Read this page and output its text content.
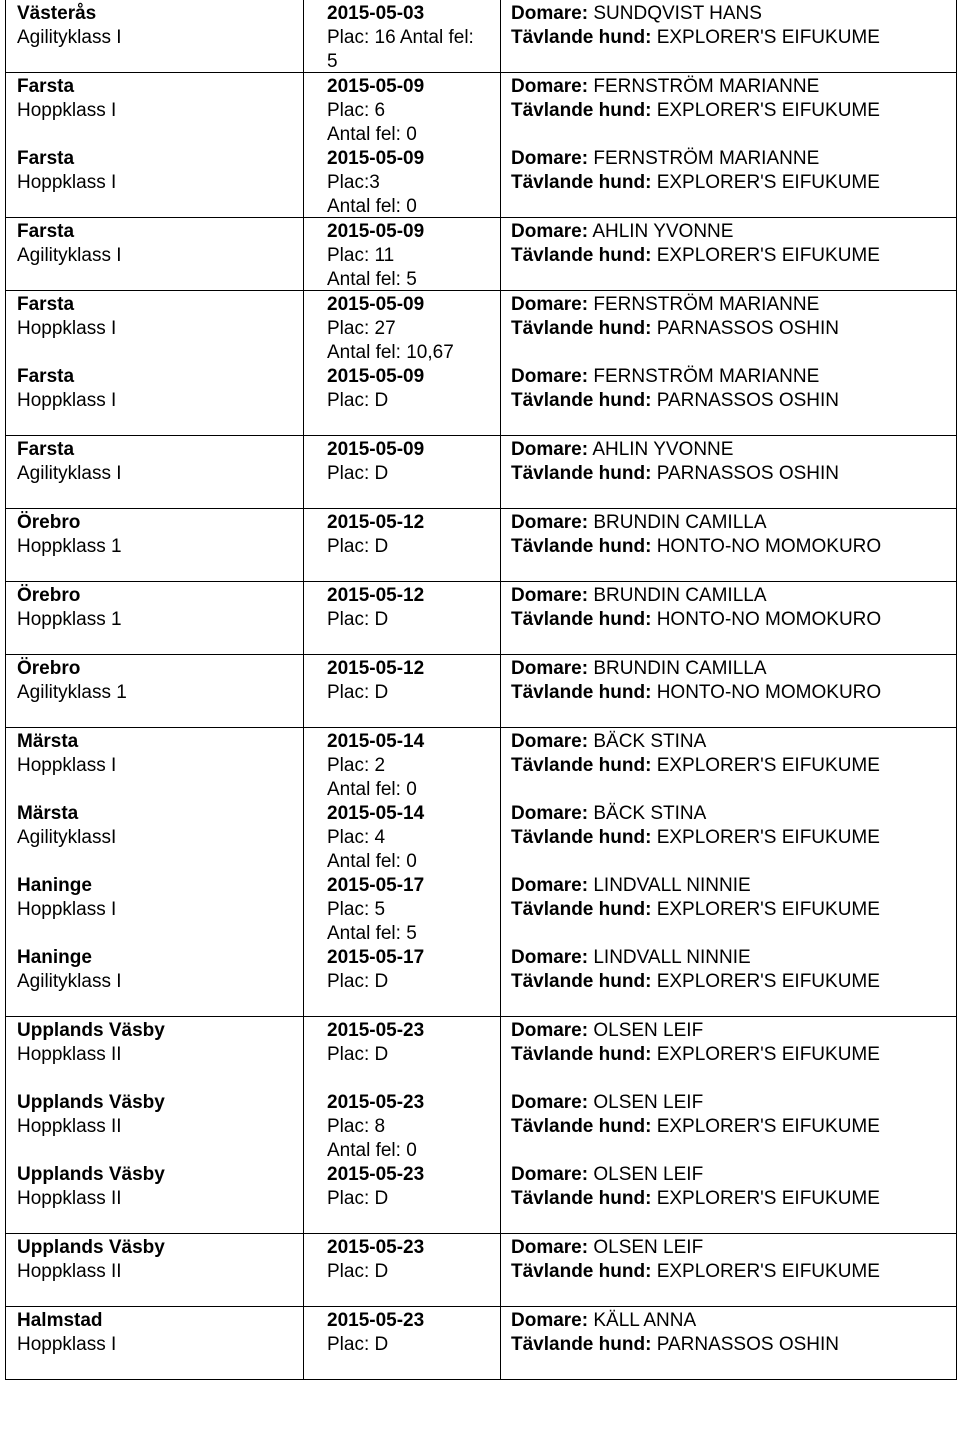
Västerås
Agilityklass I
2015-05-03
Plac: 16 Antal fel:
5
Domare: SUNDQVIST HANS
Tävlande hund: EXPLORER'S EIFUKUME
Farsta
Hoppklass I
Farsta
Hoppklass I
2015-05-09
Plac: 6
Antal fel: 0
2015-05-09
Plac:3
Antal fel: 0
Domare: FERNSTRÖM MARIANNE
Tävlande hund: EXPLORER'S EIFUKUME
Domare: FERNSTRÖM MARIANNE
Tävlande hund: EXPLORER'S EIFUKUME
Farsta
Agilityklass I
2015-05-09
Plac: 11
Antal fel: 5
Domare: AHLIN YVONNE
Tävlande hund: EXPLORER'S EIFUKUME
Farsta
Hoppklass I
Farsta
Hoppklass I
2015-05-09
Plac: 27
Antal fel: 10,67
2015-05-09
Plac: D
Domare: FERNSTRÖM MARIANNE
Tävlande hund: PARNASSOS OSHIN
Domare: FERNSTRÖM MARIANNE
Tävlande hund: PARNASSOS OSHIN
Farsta
Agilityklass I
2015-05-09
Plac: D
Domare: AHLIN YVONNE
Tävlande hund: PARNASSOS OSHIN
Örebro
Hoppklass 1
2015-05-12
Plac: D
Domare: BRUNDIN CAMILLA
Tävlande hund: HONTO-NO MOMOKURO
Örebro
Hoppklass 1
2015-05-12
Plac: D
Domare: BRUNDIN CAMILLA
Tävlande hund: HONTO-NO MOMOKURO
Örebro
Agilityklass 1
2015-05-12
Plac: D
Domare: BRUNDIN CAMILLA
Tävlande hund: HONTO-NO MOMOKURO
Märsta
Hoppklass I
Märsta
AgilityklassI
Haninge
Hoppklass I
Haninge
Agilityklass I
2015-05-14
Plac: 2
Antal fel: 0
2015-05-14
Plac: 4
Antal fel: 0
2015-05-17
Plac: 5
Antal fel: 5
2015-05-17
Plac: D
Domare: BÄCK STINA
Tävlande hund: EXPLORER'S EIFUKUME
Domare: BÄCK STINA
Tävlande hund: EXPLORER'S EIFUKUME
Domare: LINDVALL NINNIE
Tävlande hund: EXPLORER'S EIFUKUME
Domare: LINDVALL NINNIE
Tävlande hund: EXPLORER'S EIFUKUME
Upplands Väsby
Hoppklass II
Upplands Väsby
Hoppklass II
Upplands Väsby
Hoppklass II
2015-05-23
Plac: D
2015-05-23
Plac: 8
Antal fel: 0
2015-05-23
Plac: D
Domare: OLSEN LEIF
Tävlande hund: EXPLORER'S EIFUKUME
Domare: OLSEN LEIF
Tävlande hund: EXPLORER'S EIFUKUME
Domare: OLSEN LEIF
Tävlande hund: EXPLORER'S EIFUKUME
Upplands Väsby
Hoppklass II
2015-05-23
Plac: D
Domare: OLSEN LEIF
Tävlande hund: EXPLORER'S EIFUKUME
Halmstad
Hoppklass I
2015-05-23
Plac: D
Domare: KÄLL ANNA
Tävlande hund: PARNASSOS OSHIN
